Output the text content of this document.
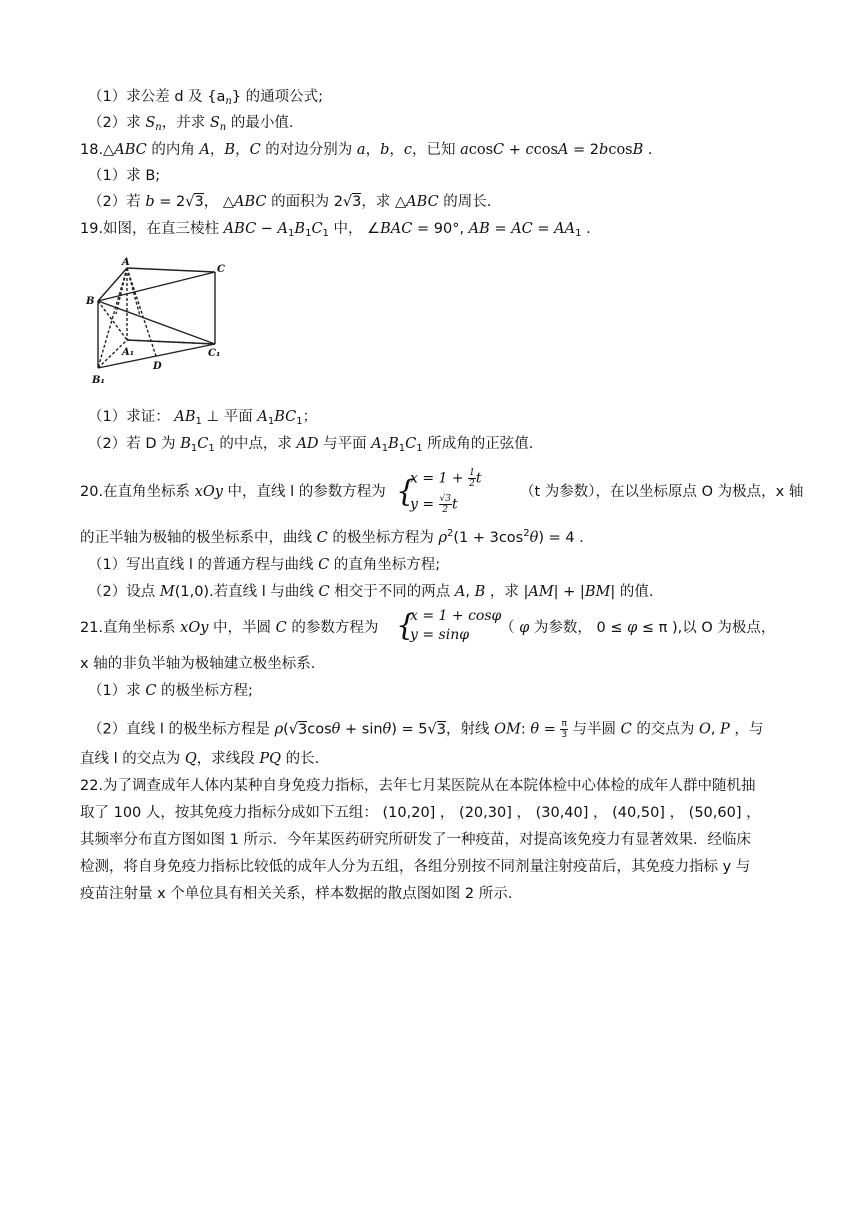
（1）求公差 d 及 $\{a_n\}$ 的通项公式;
（2）求 $S_n$，并求 $S_n$ 的最小值.
18.△ABC 的内角 A，B，C 的对边分别为 a，b，c，已知 acosC + ccosA = 2bcosB .
（1）求 B;
（2）若 b = 2√3， △ABC 的面积为 2√3，求 △ABC 的周长.
19.如图，在直三棱柱 ABC − $A_1B_1C_1$ 中， ∠BAC = 90°, AB = AC = $AA_1$ .
A
C
B
A₁	C₁
D
B₁
（1）求证： $AB_1$ ⊥ 平面 $A_1BC_1$；
（2）若 D 为 $B_1C_1$ 的中点，求 AD 与平面 $A_1B_1C_1$ 所成角的正弦值.
20.在直角坐标系 xOy 中，直线 l 的参数方程为 {
$x = 1 + \frac{1}{2}$ t
$y = \frac{√3}{2}$ t
（t 为参数），在以坐标原点 O 为极点，x 轴
的正半轴为极轴的极坐标系中，曲线 C 的极坐标方程为 $\rho^2(1 + 3\cos^2\theta) = 4$ .
（1）写出直线 l 的普通方程与曲线 C 的直角坐标方程;
（2）设点 M(1,0).若直线 l 与曲线 C 相交于不同的两点 A, B ，求 |AM| + |BM| 的值.
21.直角坐标系 xOy 中，半圆 C 的参数方程为 {
x = 1 + cosφ
y = sinφ （ φ 为参数， 0 ≤ φ ≤ π ),以 O 为极点，
x 轴的非负半轴为极轴建立极坐标系.
（1）求 C 的极坐标方程;
（2）直线 l 的极坐标方程是 ρ(√3cosθ + sinθ) = 5√3，射线 OM: $\theta = \frac{\pi}{3}$ 与半圆 C 的交点为 O, P ，与
直线 l 的交点为 Q，求线段 PQ 的长.
22.为了调查成年人体内某种自身免疫力指标，去年七月某医院从在本院体检中心体检的成年人群中随机抽
取了 100 人，按其免疫力指标分成如下五组： (10,20] ， (20,30] ， (30,40] ， (40,50] ， (50,60] ，
其频率分布直方图如图 1 所示．今年某医药研究所研发了一种疫苗，对提高该免疫力有显著效果．经临床
检测，将自身免疫力指标比较低的成年人分为五组，各组分别按不同剂量注射疫苗后，其免疫力指标 y 与
疫苗注射量 x 个单位具有相关关系，样本数据的散点图如图 2 所示.
